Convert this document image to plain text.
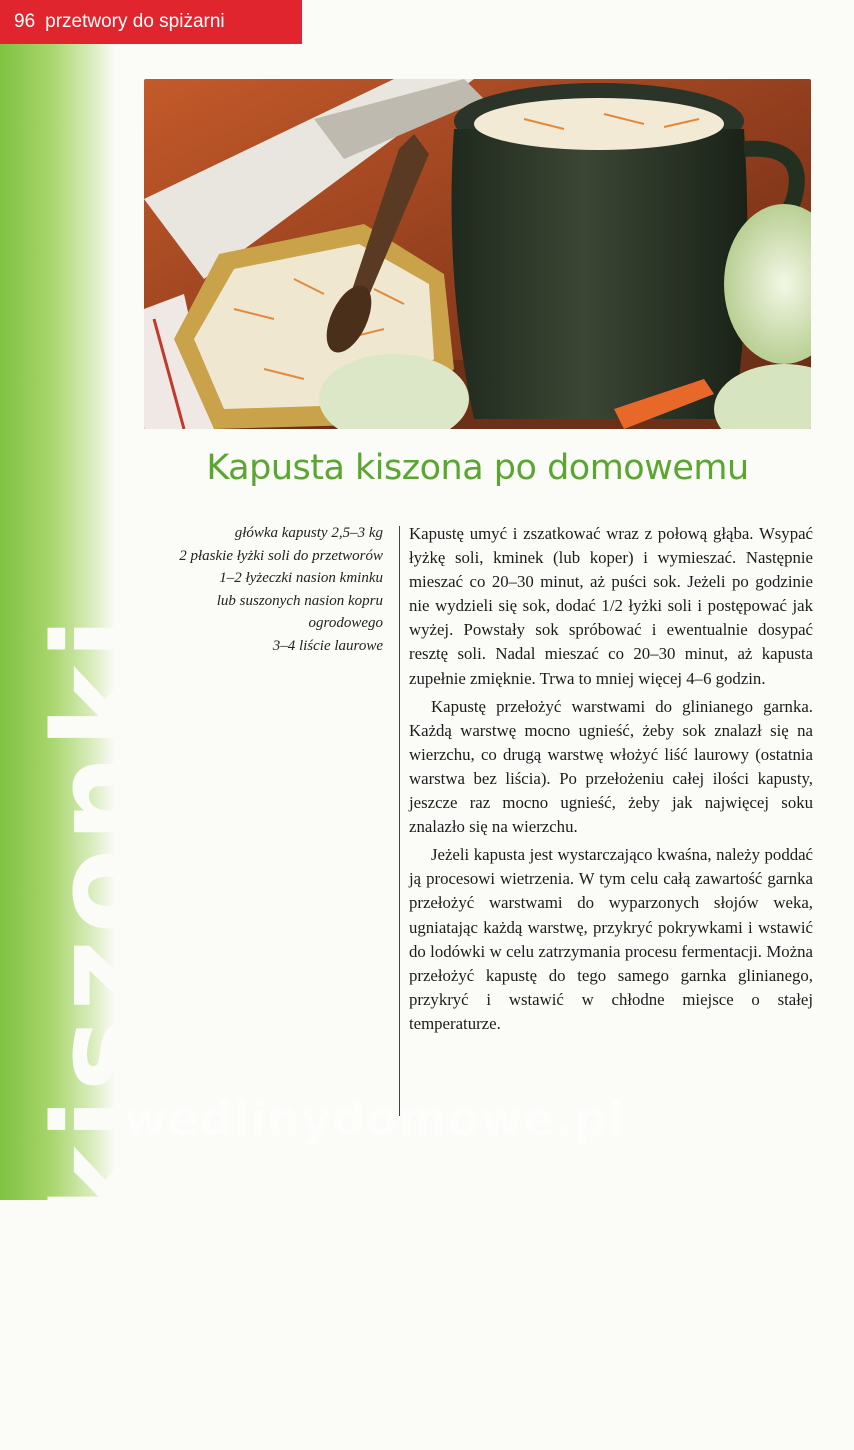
96 przetwory do spiżarni
kiszonki
Kapusta kiszona po domowemu
główka kapusty 2,5–3 kg
2 płaskie łyżki soli do przetworów
1–2 łyżeczki nasion kminku
lub suszonych nasion kopru
ogrodowego
3–4 liście laurowe

Kapustę umyć i zszatkować wraz z połową głąba. Wsypać łyżkę soli, kminek (lub koper) i wymieszać. Następnie mieszać co 20–30 minut, aż puści sok. Jeżeli po godzinie nie wydzieli się sok, dodać 1/2 łyżki soli i postępować jak wyżej. Powstały sok spróbować i ewentualnie dosypać resztę soli. Nadal mieszać co 20–30 minut, aż kapusta zupełnie zmięknie. Trwa to mniej więcej 4–6 godzin.

Kapustę przełożyć warstwami do glinianego garnka. Każdą warstwę mocno ugnieść, żeby sok znalazł się na wierzchu, co drugą warstwę włożyć liść laurowy (ostatnia warstwa bez liścia). Po przełożeniu całej ilości kapusty, jeszcze raz mocno ugnieść, żeby jak najwięcej soku znalazło się na wierzchu.

Jeżeli kapusta jest wystarczająco kwaśna, należy poddać ją procesowi wietrzenia. W tym celu całą zawartość garnka przełożyć warstwami do wyparzonych słojów weka, ugniatając każdą warstwę, przykryć pokrywkami i wstawić do lodówki w celu zatrzymania procesu fermentacji. Można przełożyć kapustę do tego samego garnka glinianego, przykryć i wstawić w chłodne miejsce o stałej temperaturze.

wedlinydomowe.pl
